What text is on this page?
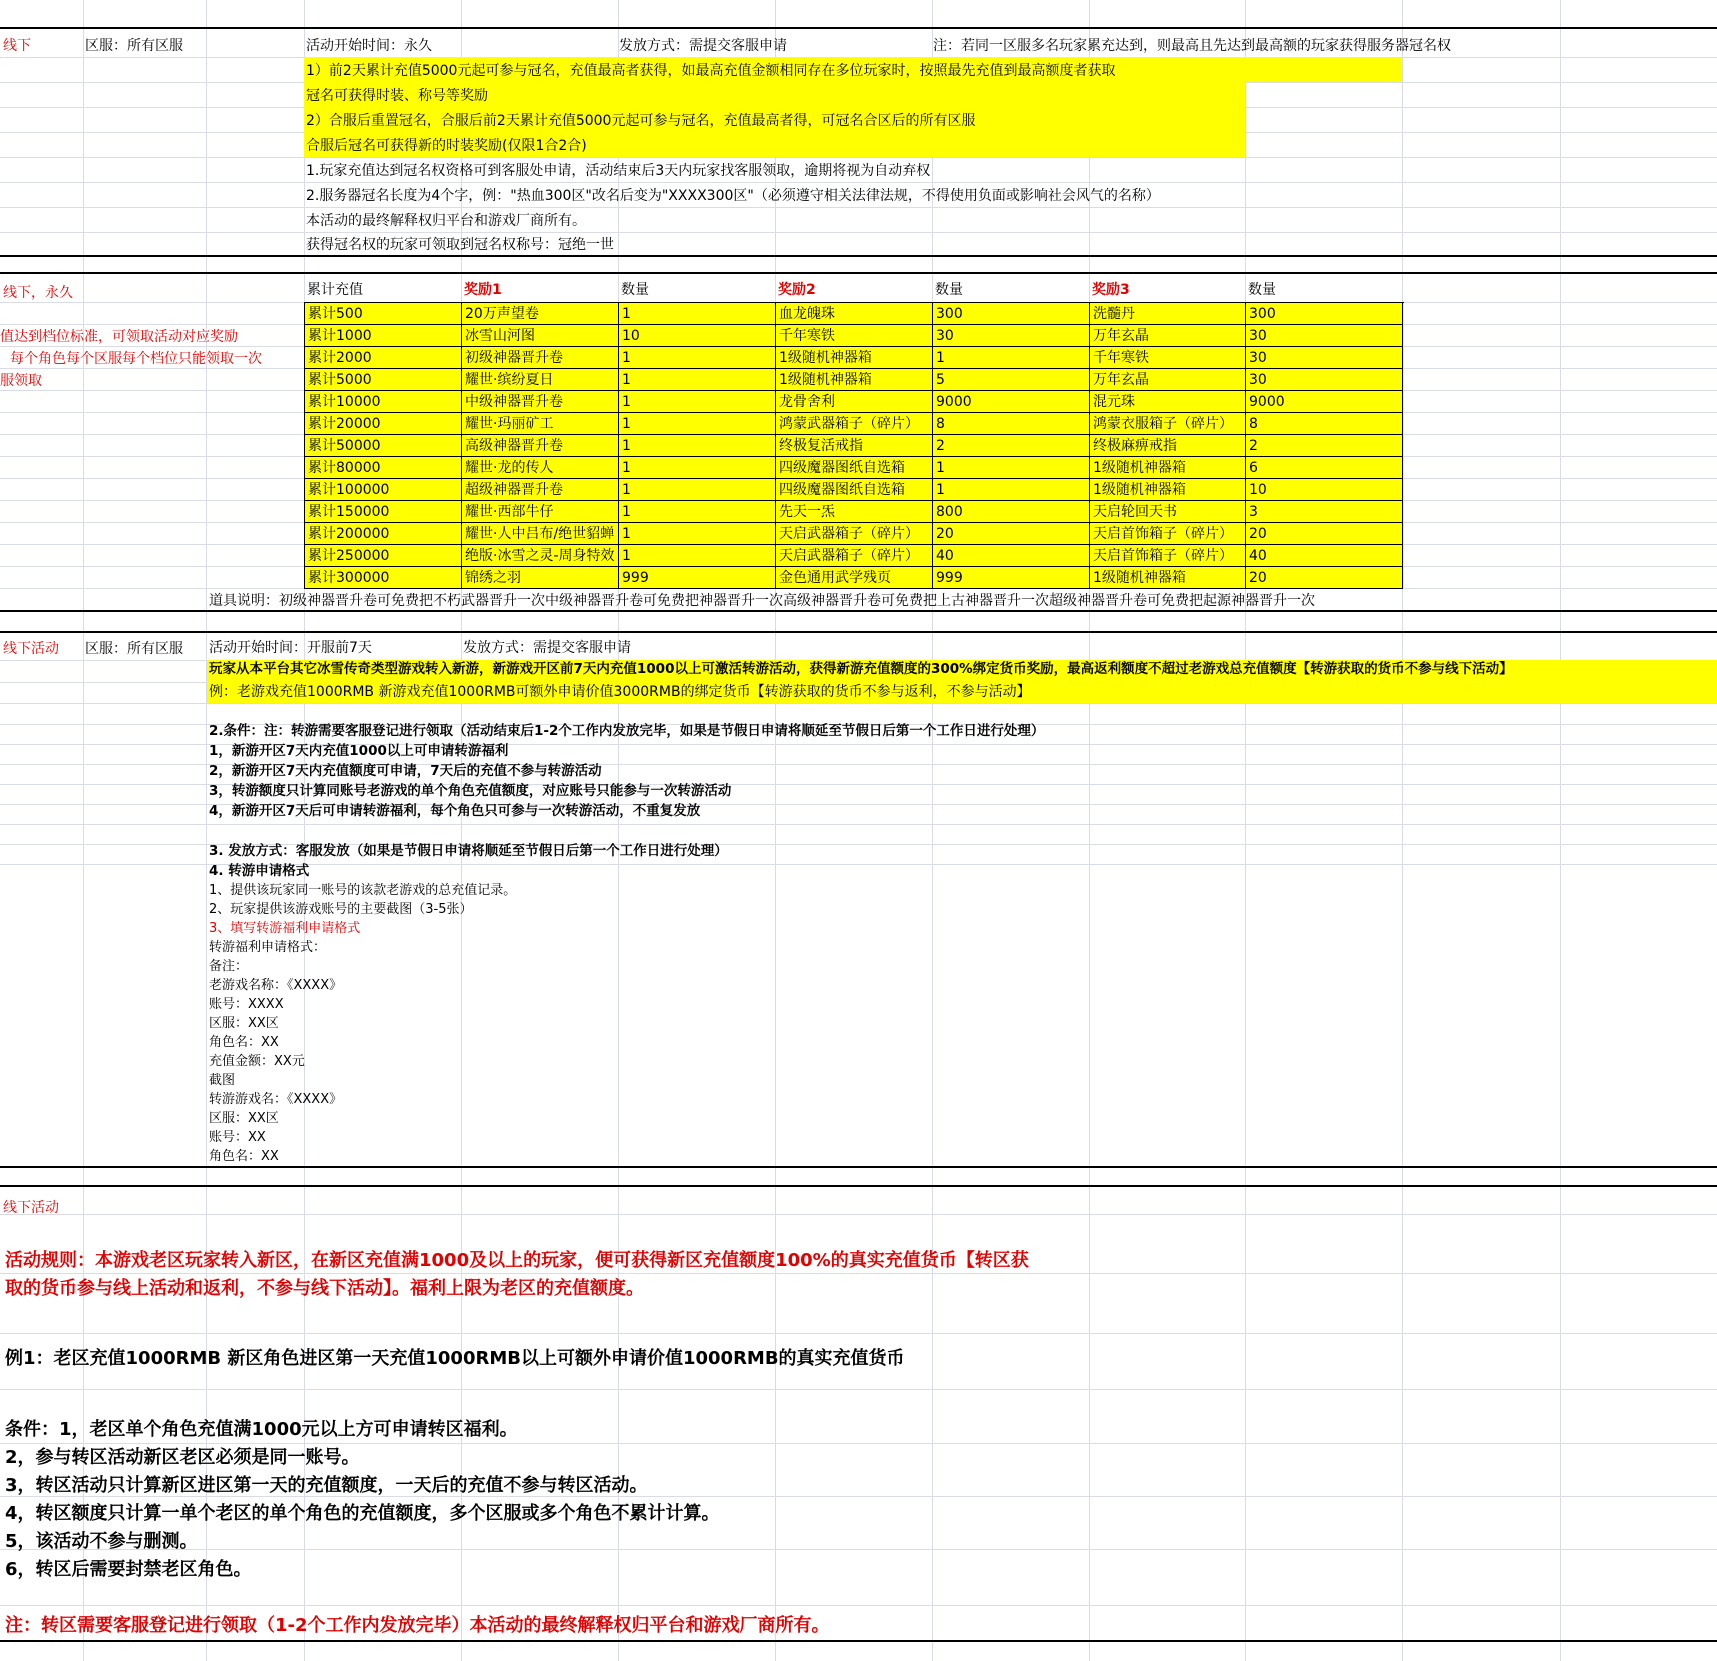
线下	区服：所有区服	活动开始时间：永久	发放方式：需提交客服申请	注：若同一区服多名玩家累充达到，则最高且先达到最高额的玩家获得服务器冠名权
1）前2天累计充值5000元起可参与冠名，充值最高者获得，如最高充值金额相同存在多位玩家时，按照最先充值到最高额度者获取
冠名可获得时装、称号等奖励
2）合服后重置冠名，合服后前2天累计充值5000元起可参与冠名，充值最高者得，可冠名合区后的所有区服
合服后冠名可获得新的时装奖励(仅限1合2合)
1.玩家充值达到冠名权资格可到客服处申请，活动结束后3天内玩家找客服领取，逾期将视为自动弃权
2.服务器冠名长度为4个字，例："热血300区"改名后变为"XXXX300区"（必须遵守相关法律法规，不得使用负面或影响社会风气的名称）
本活动的最终解释权归平台和游戏厂商所有。
获得冠名权的玩家可领取到冠名权称号：冠绝一世
线下，永久
值达到档位标准，可领取活动对应奖励
每个角色每个区服每个档位只能领取一次
服领取
累计充值	奖励1	数量	奖励2	数量	奖励3	数量
累计500	20万声望卷	1	血龙魄珠	300	洗髓丹	300
累计1000	冰雪山河图	10	千年寒铁	30	万年玄晶	30
累计2000	初级神器晋升卷	1	1级随机神器箱	1	千年寒铁	30
累计5000	耀世·缤纷夏日	1	1级随机神器箱	5	万年玄晶	30
累计10000	中级神器晋升卷	1	龙骨舍利	9000	混元珠	9000
累计20000	耀世·玛丽矿工	1	鸿蒙武器箱子（碎片）	8	鸿蒙衣服箱子（碎片）	8
累计50000	高级神器晋升卷	1	终极复活戒指	2	终极麻痹戒指	2
累计80000	耀世·龙的传人	1	四级魔器图纸自选箱	1	1级随机神器箱	6
累计100000	超级神器晋升卷	1	四级魔器图纸自选箱	1	1级随机神器箱	10
累计150000	耀世·西部牛仔	1	先天一炁	800	天启轮回天书	3
累计200000	耀世·人中吕布/绝世貂蝉 1	天启武器箱子（碎片）	20	天启首饰箱子（碎片）	20
累计250000	绝版·冰雪之灵-周身特效 1	天启武器箱子（碎片）	40	天启首饰箱子（碎片）	40
累计300000	锦绣之羽	999	金色通用武学残页	999	1级随机神器箱	20
道具说明：初级神器晋升卷可免费把不朽武器晋升一次中级神器晋升卷可免费把神器晋升一次高级神器晋升卷可免费把上古神器晋升一次超级神器晋升卷可免费把起源神器晋升一次
线下活动 区服：所有区服 活动开始时间：开服前7天	发放方式：需提交客服申请
玩家从本平台其它冰雪传奇类型游戏转入新游，新游戏开区前7天内充值1000以上可激活转游活动，获得新游充值额度的300%绑定货币奖励，最高返利额度不超过老游戏总充值额度【转游获取的货币不参与线下活动】
例：老游戏充值1000RMB 新游戏充值1000RMB可额外申请价值3000RMB的绑定货币【转游获取的货币不参与返利，不参与活动】
2.条件：注：转游需要客服登记进行领取（活动结束后1-2个工作内发放完毕，如果是节假日申请将顺延至节假日后第一个工作日进行处理）
1，新游开区7天内充值1000以上可申请转游福利
2，新游开区7天内充值额度可申请，7天后的充值不参与转游活动
3，转游额度只计算同账号老游戏的单个角色充值额度，对应账号只能参与一次转游活动
4，新游开区7天后可申请转游福利，每个角色只可参与一次转游活动，不重复发放
3. 发放方式：客服发放（如果是节假日申请将顺延至节假日后第一个工作日进行处理）
4. 转游申请格式
1、提供该玩家同一账号的该款老游戏的总充值记录。
2、玩家提供该游戏账号的主要截图（3-5张）
3、填写转游福利申请格式
转游福利申请格式：
备注：
老游戏名称：《XXXX》
账号：XXXX
区服：XX区
角色名：XX
充值金额：XX元
截图
转游游戏名：《XXXX》
区服：XX区
账号：XX
角色名：XX
线下活动
活动规则：本游戏老区玩家转入新区，在新区充值满1000及以上的玩家，便可获得新区充值额度100%的真实充值货币【转区获
取的货币参与线上活动和返利，不参与线下活动】。福利上限为老区的充值额度。
例1：老区充值1000RMB 新区角色进区第一天充值1000RMB以上可额外申请价值1000RMB的真实充值货币
条件：1，老区单个角色充值满1000元以上方可申请转区福利。
2，参与转区活动新区老区必须是同一账号。
3，转区活动只计算新区进区第一天的充值额度，一天后的充值不参与转区活动。
4，转区额度只计算一单个老区的单个角色的充值额度，多个区服或多个角色不累计计算。
5，该活动不参与删测。
6，转区后需要封禁老区角色。
注：转区需要客服登记进行领取（1-2个工作内发放完毕）本活动的最终解释权归平台和游戏厂商所有。
